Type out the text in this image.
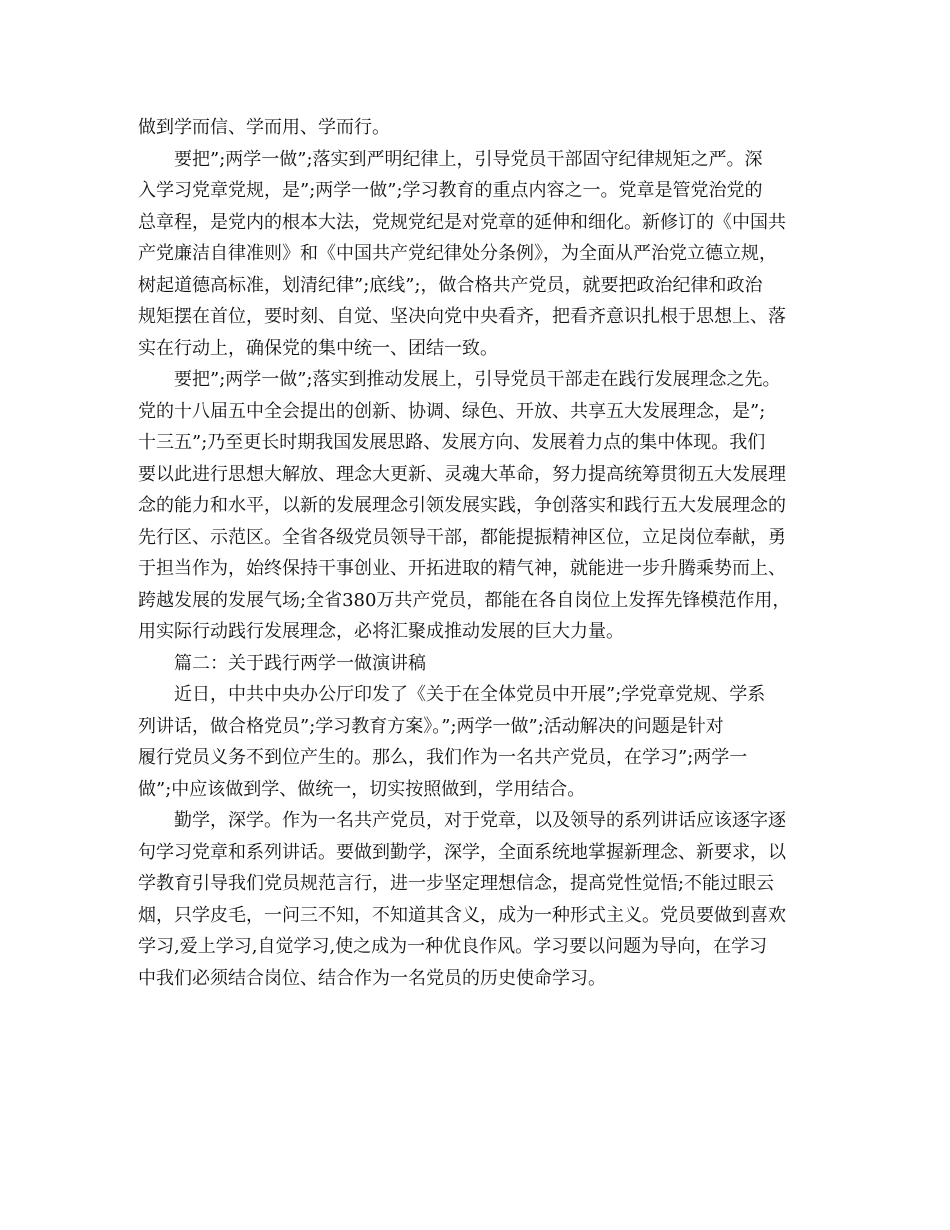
做到学而信、学而用、学而行。
要把”;两学一做”;落实到严明纪律上，引导党员干部固守纪律规矩之严。深
入学习党章党规，是”;两学一做”;学习教育的重点内容之一。党章是管党治党的
总章程，是党内的根本大法，党规党纪是对党章的延伸和细化。新修订的《中国共
产党廉洁自律准则》和《中国共产党纪律处分条例》，为全面从严治党立德立规，
树起道德高标准，划清纪律”;底线”;，做合格共产党员，就要把政治纪律和政治
规矩摆在首位，要时刻、自觉、坚决向党中央看齐，把看齐意识扎根于思想上、落
实在行动上，确保党的集中统一、团结一致。
要把”;两学一做”;落实到推动发展上，引导党员干部走在践行发展理念之先。
党的十八届五中全会提出的创新、协调、绿色、开放、共享五大发展理念，是”;
十三五”;乃至更长时期我国发展思路、发展方向、发展着力点的集中体现。我们
要以此进行思想大解放、理念大更新、灵魂大革命，努力提高统筹贯彻五大发展理
念的能力和水平，以新的发展理念引领发展实践，争创落实和践行五大发展理念的
先行区、示范区。全省各级党员领导干部，都能提振精神区位，立足岗位奉献，勇
于担当作为，始终保持干事创业、开拓进取的精气神，就能进一步升腾乘势而上、
跨越发展的发展气场;全省380万共产党员，都能在各自岗位上发挥先锋模范作用，
用实际行动践行发展理念，必将汇聚成推动发展的巨大力量。
篇二：关于践行两学一做演讲稿
近日，中共中央办公厅印发了《关于在全体党员中开展”;学党章党规、学系
列讲话，做合格党员”;学习教育方案》。”;两学一做”;活动解决的问题是针对
履行党员义务不到位产生的。那么，我们作为一名共产党员，在学习”;两学一
做”;中应该做到学、做统一，切实按照做到，学用结合。
勤学，深学。作为一名共产党员，对于党章，以及领导的系列讲话应该逐字逐
句学习党章和系列讲话。要做到勤学，深学，全面系统地掌握新理念、新要求，以
学教育引导我们党员规范言行，进一步坚定理想信念，提高党性觉悟;不能过眼云
烟，只学皮毛，一问三不知，不知道其含义，成为一种形式主义。党员要做到喜欢
学习,爱上学习,自觉学习,使之成为一种优良作风。学习要以问题为导向，在学习
中我们必须结合岗位、结合作为一名党员的历史使命学习。
